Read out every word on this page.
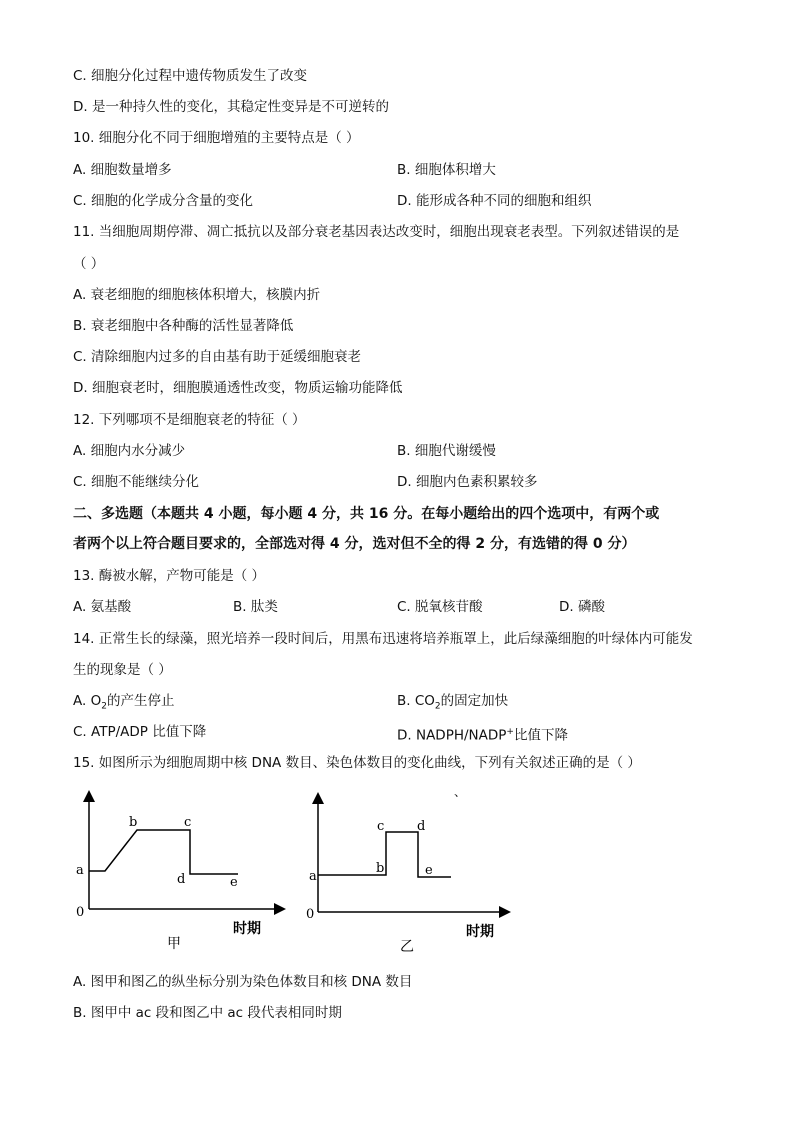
C. 细胞分化过程中遗传物质发生了改变
D. 是一种持久性的变化，其稳定性变异是不可逆转的
10. 细胞分化不同于细胞增殖的主要特点是（ ）
A. 细胞数量增多	B. 细胞体积增大
C. 细胞的化学成分含量的变化	D. 能形成各种不同的细胞和组织
11. 当细胞周期停滞、凋亡抵抗以及部分衰老基因表达改变时，细胞出现衰老表型。下列叙述错误的是
（ ）
A. 衰老细胞的细胞核体积增大，核膜内折
B. 衰老细胞中各种酶的活性显著降低
C. 清除细胞内过多的自由基有助于延缓细胞衰老
D. 细胞衰老时，细胞膜通透性改变，物质运输功能降低
12. 下列哪项不是细胞衰老的特征（ ）
A. 细胞内水分减少	B. 细胞代谢缓慢
C. 细胞不能继续分化	D. 细胞内色素积累较多
二、多选题（本题共 4 小题，每小题 4 分，共 16 分。在每小题给出的四个选项中，有两个或
者两个以上符合题目要求的，全部选对得 4 分，选对但不全的得 2 分，有选错的得 0 分）
13. 酶被水解，产物可能是（ ）
A. 氨基酸	B. 肽类	C. 脱氧核苷酸	D. 磷酸
14. 正常生长的绿藻，照光培养一段时间后，用黑布迅速将培养瓶罩上，此后绿藻细胞的叶绿体内可能发
生的现象是（ ）
A. $O_2$的产生停止	B. $CO_2$的固定加快
C. ATP/ADP 比值下降	D. NADPH/NADP+比值下降
15. 如图所示为细胞周期中核 DNA 数目、染色体数目的变化曲线，下列有关叙述正确的是（ ）
、
0
a
b	c
d	e
时期
甲
0
a
b
c	d
e
时期
乙
A. 图甲和图乙的纵坐标分别为染色体数目和核 DNA 数目
B. 图甲中 ac 段和图乙中 ac 段代表相同时期
